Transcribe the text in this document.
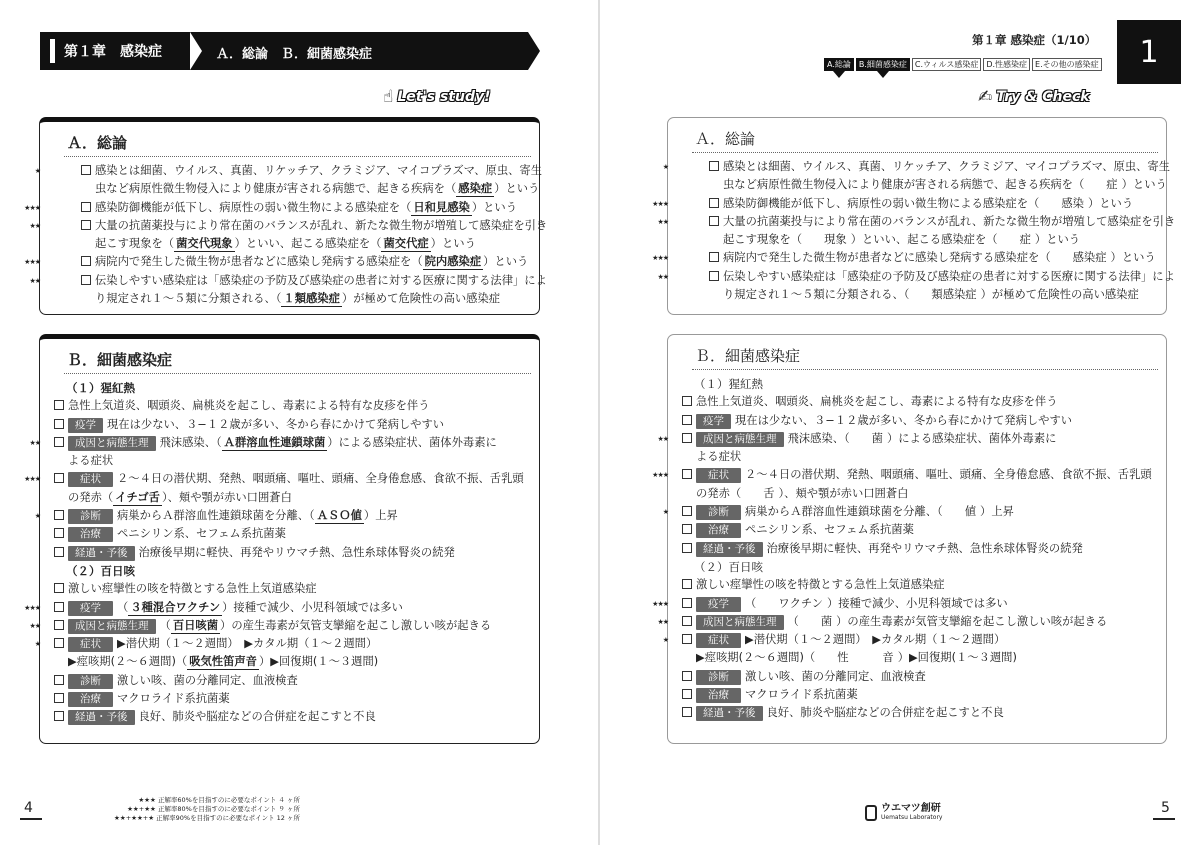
第１章　感染症	Ａ．総論　Ｂ．細菌感染症
☝ Let's study!
Ａ．総論
★	感染とは細菌、ウイルス、真菌、リケッチア、クラミジア、マイコプラズマ、原虫、寄生
虫など病原性微生物侵入により健康が害される病態で、起きる疾病を（ 感染症 ）という
★★★	感染防御機能が低下し、病原性の弱い微生物による感染症を（ 日和見感染 ）という
★★	大量の抗菌薬投与により常在菌のバランスが乱れ、新たな微生物が増殖して感染症を引き
起こす現象を（ 菌交代現象 ）といい、起こる感染症を（ 菌交代症 ）という
★★★	病院内で発生した微生物が患者などに感染し発病する感染症を（ 院内感染症 ）という
★★	伝染しやすい感染症は「感染症の予防及び感染症の患者に対する医療に関する法律」によ
り規定され１～５類に分類される、（ １類感染症 ）が極めて危険性の高い感染症
Ｂ．細菌感染症
（１）猩紅熱
急性上気道炎、咽頭炎、扁桃炎を起こし、毒素による特有な皮疹を伴う
疫学 現在は少ない、３−１２歳が多い、冬から春にかけて発病しやすい
★★	成因と病態生理 飛沫感染、（ Ａ群溶血性連鎖球菌 ）による感染症状、菌体外毒素に
よる症状
★★★	症状 ２～４日の潜伏期、発熱、咽頭痛、嘔吐、頭痛、全身倦怠感、食欲不振、舌乳頭
の発赤（ イチゴ舌 ）、頬や顎が赤い口囲蒼白
★	診断 病巣からＡ群溶血性連鎖球菌を分離、（ ＡＳＯ値 ）上昇
治療 ペニシリン系、セフェム系抗菌薬
経過・予後 治療後早期に軽快、再発やリウマチ熱、急性糸球体腎炎の続発
（２）百日咳
激しい痙攣性の咳を特徴とする急性上気道感染症
★★★	疫学 （ ３種混合ワクチン ）接種で減少、小児科領域では多い
★★	成因と病態生理 （ 百日咳菌 ）の産生毒素が気管支攣縮を起こし激しい咳が起きる
★	症状 ▶潜伏期（１～２週間）　▶カタル期（１～２週間）
▶痙咳期(２～６週間)（ 吸気性笛声音 ）▶回復期(１～３週間)
診断 激しい咳、菌の分離同定、血液検査
治療 マクロライド系抗菌薬
経過・予後 良好、肺炎や脳症などの合併症を起こすと不良
4	★★★ 正解率60%を目指すのに必要なポイント ４ ヶ所
★★+★★ 正解率80%を目指すのに必要なポイント ９ ヶ所
★★+★★+★ 正解率90%を目指すのに必要なポイント 12 ヶ所
第１章 感染症（1/10）	1
A.総論	B.細菌感染症	C.ウィルス感染症	D.性感染症	E.その他の感染症
✍ Try & Check
Ａ．総論
★	感染とは細菌、ウイルス、真菌、リケッチア、クラミジア、マイコプラズマ、原虫、寄生
虫など病原性微生物侵入により健康が害される病態で、起きる疾病を（ 症 ）という
★★★	感染防御機能が低下し、病原性の弱い微生物による感染症を（ 感染 ）という
★★	大量の抗菌薬投与により常在菌のバランスが乱れ、新たな微生物が増殖して感染症を引き
起こす現象を（ 現象 ）といい、起こる感染症を（ 症 ）という
★★★	病院内で発生した微生物が患者などに感染し発病する感染症を（ 感染症 ）という
★★	伝染しやすい感染症は「感染症の予防及び感染症の患者に対する医療に関する法律」によ
り規定され１～５類に分類される、（ 類感染症 ）が極めて危険性の高い感染症
Ｂ．細菌感染症
（１）猩紅熱
急性上気道炎、咽頭炎、扁桃炎を起こし、毒素による特有な皮疹を伴う
疫学 現在は少ない、３−１２歳が多い、冬から春にかけて発病しやすい
★★	成因と病態生理 飛沫感染、（ 菌 ）による感染症状、菌体外毒素に
よる症状
★★★	症状 ２～４日の潜伏期、発熱、咽頭痛、嘔吐、頭痛、全身倦怠感、食欲不振、舌乳頭
の発赤（ 舌 ）、頬や顎が赤い口囲蒼白
★	診断 病巣からＡ群溶血性連鎖球菌を分離、（ 値 ）上昇
治療 ペニシリン系、セフェム系抗菌薬
経過・予後 治療後早期に軽快、再発やリウマチ熱、急性糸球体腎炎の続発
（２）百日咳
激しい痙攣性の咳を特徴とする急性上気道感染症
★★★	疫学 （ ワクチン ）接種で減少、小児科領域では多い
★★	成因と病態生理 （ 菌 ）の産生毒素が気管支攣縮を起こし激しい咳が起きる
★	症状 ▶潜伏期（１～２週間）　▶カタル期（１～２週間）
▶痙咳期(２～６週間)（ 性　　　音 ）▶回復期(１～３週間)
診断 激しい咳、菌の分離同定、血液検査
治療 マクロライド系抗菌薬
経過・予後 良好、肺炎や脳症などの合併症を起こすと不良
ウエマツ創研
Uematsu Laboratory
5
